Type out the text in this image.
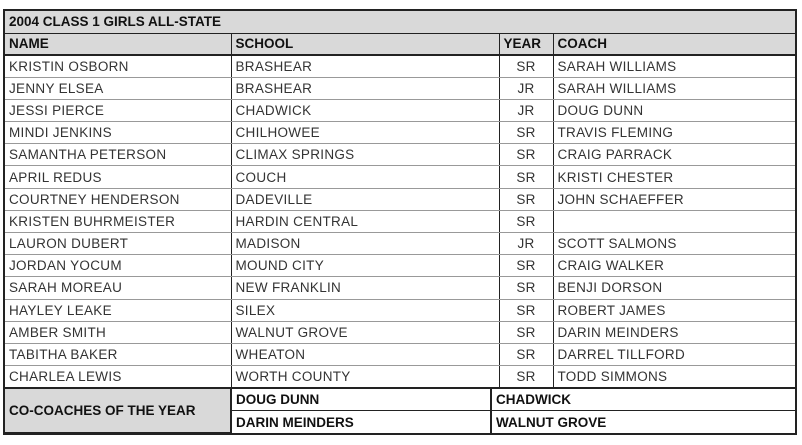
2004 CLASS 1 GIRLS ALL-STATE			
NAME	SCHOOL	YEAR	COACH
KRISTIN OSBORN	BRASHEAR	SR	SARAH WILLIAMS
JENNY ELSEA	BRASHEAR	JR	SARAH WILLIAMS
JESSI PIERCE	CHADWICK	JR	DOUG DUNN
MINDI JENKINS	CHILHOWEE	SR	TRAVIS FLEMING
SAMANTHA PETERSON	CLIMAX SPRINGS	SR	CRAIG PARRACK
APRIL REDUS	COUCH	SR	KRISTI CHESTER
COURTNEY HENDERSON	DADEVILLE	SR	JOHN SCHAEFFER
KRISTEN BUHRMEISTER	HARDIN CENTRAL	SR	
LAURON DUBERT	MADISON	JR	SCOTT SALMONS
JORDAN YOCUM	MOUND CITY	SR	CRAIG WALKER
SARAH MOREAU	NEW FRANKLIN	SR	BENJI DORSON
HAYLEY LEAKE	SILEX	SR	ROBERT JAMES
AMBER SMITH	WALNUT GROVE	SR	DARIN MEINDERS
TABITHA BAKER	WHEATON	SR	DARREL TILLFORD
CHARLEA LEWIS	WORTH COUNTY	SR	TODD SIMMONS
CO-COACHES OF THE YEAR	DOUG DUNN	CHADWICK
	DARIN MEINDERS	WALNUT GROVE
